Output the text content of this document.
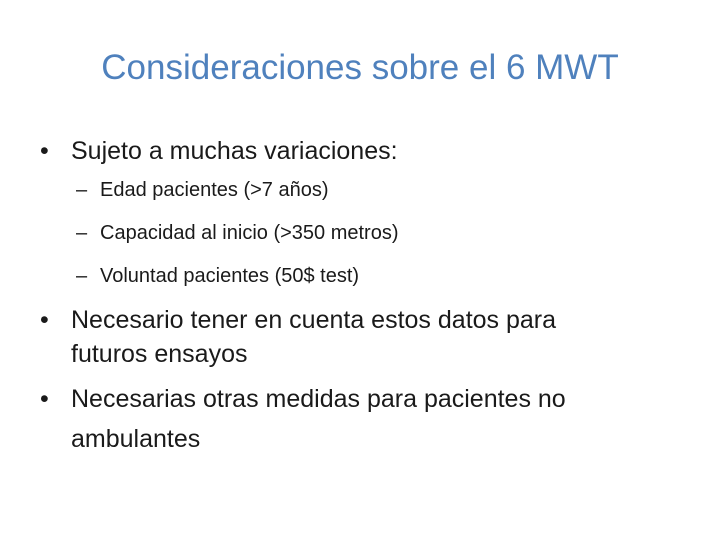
Consideraciones sobre el 6 MWT
• Sujeto a muchas variaciones:
– Edad pacientes (>7 años)
– Capacidad al inicio (>350 metros)
– Voluntad pacientes (50$ test)
• Necesario tener en cuenta estos datos para
futuros ensayos
• Necesarias otras medidas para pacientes no
ambulantes
